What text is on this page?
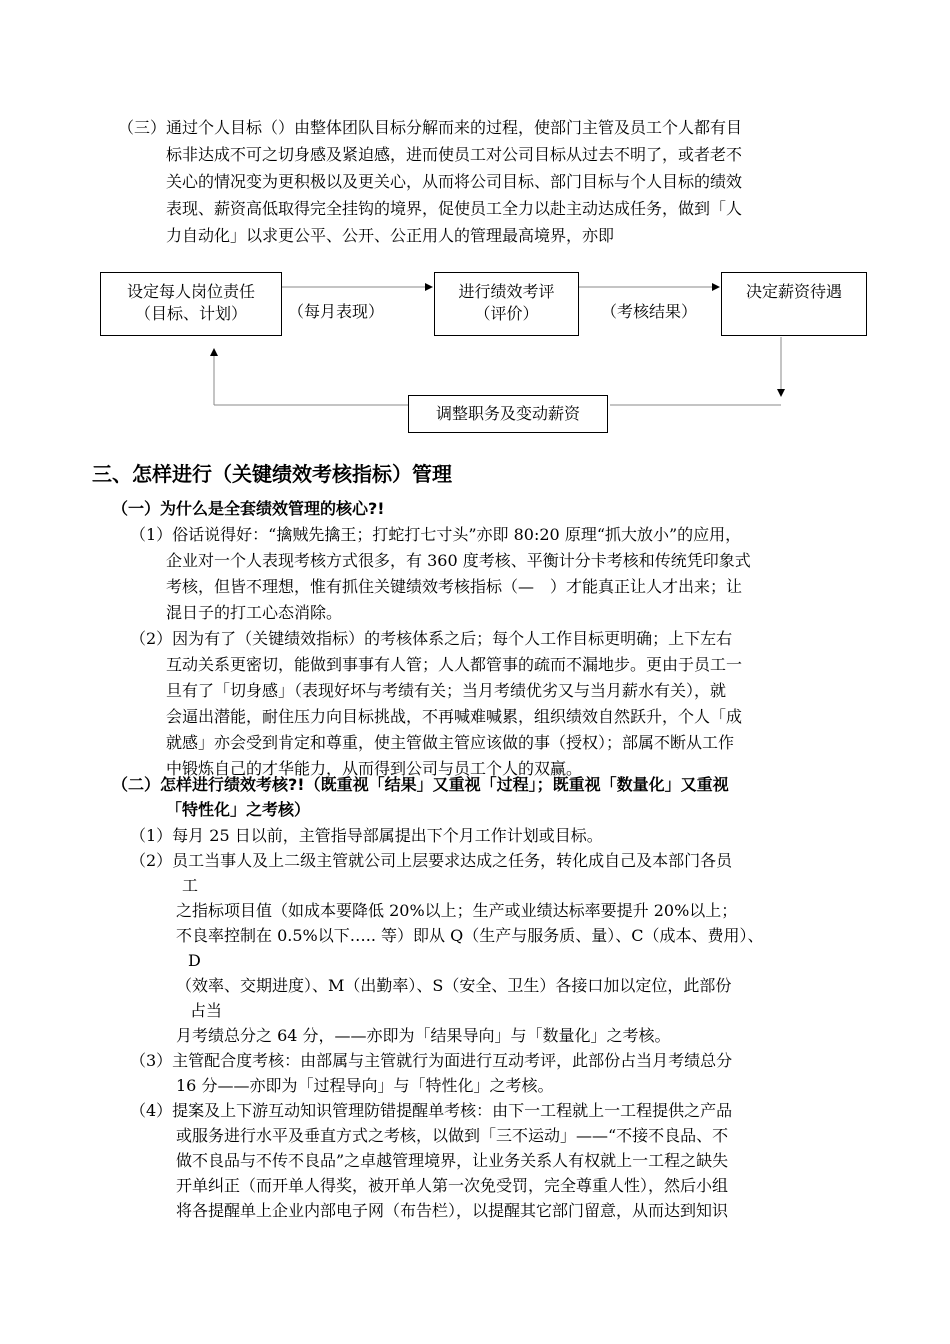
（三）通过个人目标（）由整体团队目标分解而来的过程，使部门主管及员工个人都有目
标非达成不可之切身感及紧迫感，进而使员工对公司目标从过去不明了，或者老不
关心的情况变为更积极以及更关心，从而将公司目标、部门目标与个人目标的绩效
表现、薪资高低取得完全挂钩的境界，促使员工全力以赴主动达成任务，做到「人
力自动化」以求更公平、公开、公正用人的管理最高境界，亦即
设定每人岗位责任
（目标、计划）	（每月表现）
进行绩效考评
（评价）	（考核结果）
决定薪资待遇
调整职务及变动薪资
三、怎样进行（关键绩效考核指标）管理
（一）为什么是全套绩效管理的核心?!
（1）俗话说得好：“擒贼先擒王；打蛇打七寸头”亦即 80:20 原理“抓大放小”的应用，
企业对一个人表现考核方式很多，有 360 度考核、平衡计分卡考核和传统凭印象式
考核，但皆不理想，惟有抓住关键绩效考核指标（—　）才能真正让人才出来；让
混日子的打工心态消除。
（2）因为有了（关键绩效指标）的考核体系之后；每个人工作目标更明确；上下左右
互动关系更密切，能做到事事有人管；人人都管事的疏而不漏地步。更由于员工一
旦有了「切身感」（表现好坏与考绩有关；当月考绩优劣又与当月薪水有关），就
会逼出潜能，耐住压力向目标挑战，不再喊难喊累，组织绩效自然跃升，个人「成
就感」亦会受到肯定和尊重，使主管做主管应该做的事（授权）；部属不断从工作
中锻炼自己的才华能力，从而得到公司与员工个人的双赢。
（二）怎样进行绩效考核?!（既重视「结果」又重视「过程」；既重视「数量化」又重视
「特性化」之考核）
（1）每月 25 日以前，主管指导部属提出下个月工作计划或目标。
（2）员工当事人及上二级主管就公司上层要求达成之任务，转化成自己及本部门各员
工
之指标项目值（如成本要降低 20%以上；生产或业绩达标率要提升 20%以上；
不良率控制在 0.5%以下….. 等）即从 Q（生产与服务质、量）、C（成本、费用）、
D
（效率、交期进度）、M（出勤率）、S（安全、卫生）各接口加以定位，此部份
占当
月考绩总分之 64 分，——亦即为「结果导向」与「数量化」之考核。
（3）主管配合度考核：由部属与主管就行为面进行互动考评，此部份占当月考绩总分
16 分——亦即为「过程导向」与「特性化」之考核。
（4）提案及上下游互动知识管理防错提醒单考核：由下一工程就上一工程提供之产品
或服务进行水平及垂直方式之考核，以做到「三不运动」——“不接不良品、不
做不良品与不传不良品”之卓越管理境界，让业务关系人有权就上一工程之缺失
开单纠正（而开单人得奖，被开单人第一次免受罚，完全尊重人性），然后小组
将各提醒单上企业内部电子网（布告栏），以提醒其它部门留意，从而达到知识
